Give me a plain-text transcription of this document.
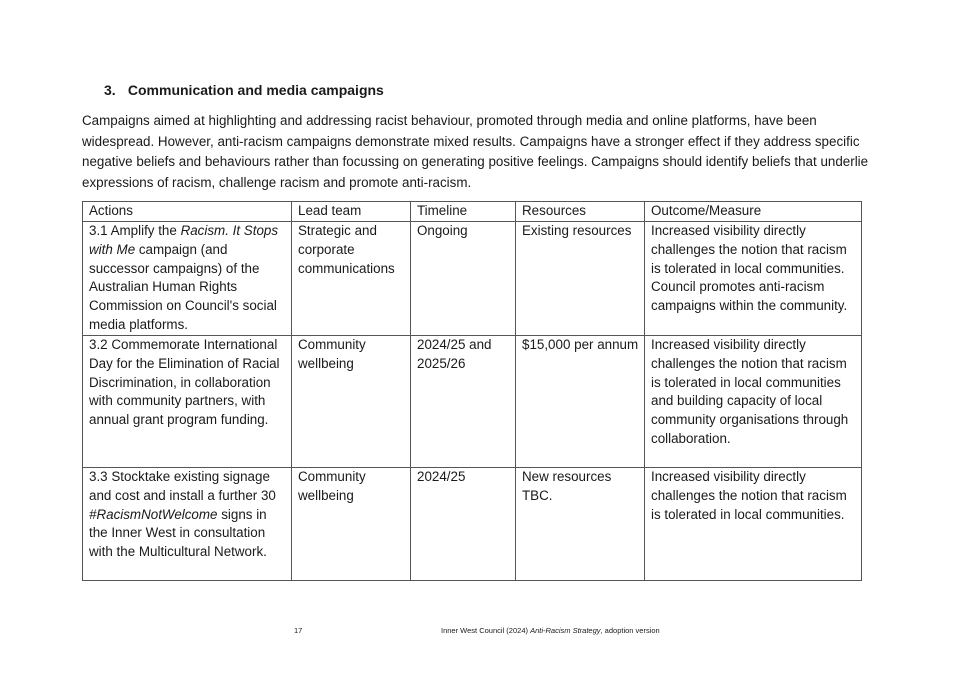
3. Communication and media campaigns

Campaigns aimed at highlighting and addressing racist behaviour, promoted through media and online platforms, have been widespread. However, anti-racism campaigns demonstrate mixed results. Campaigns have a stronger effect if they address specific negative beliefs and behaviours rather than focussing on generating positive feelings. Campaigns should identify beliefs that underlie expressions of racism, challenge racism and promote anti-racism.

Actions	Lead team	Timeline	Resources	Outcome/Measure
3.1 Amplify the Racism. It Stops with Me campaign (and successor campaigns) of the Australian Human Rights Commission on Council's social media platforms.	Strategic and corporate communications	Ongoing	Existing resources	Increased visibility directly challenges the notion that racism is tolerated in local communities. Council promotes anti-racism campaigns within the community.
3.2 Commemorate International Day for the Elimination of Racial Discrimination, in collaboration with community partners, with annual grant program funding.	Community wellbeing	2024/25 and 2025/26	$15,000 per annum	Increased visibility directly challenges the notion that racism is tolerated in local communities and building capacity of local community organisations through collaboration.
3.3 Stocktake existing signage and cost and install a further 30 #RacismNotWelcome signs in the Inner West in consultation with the Multicultural Network.	Community wellbeing	2024/25	New resources TBC.	Increased visibility directly challenges the notion that racism is tolerated in local communities.

17	Inner West Council (2024) Anti-Racism Strategy, adoption version
